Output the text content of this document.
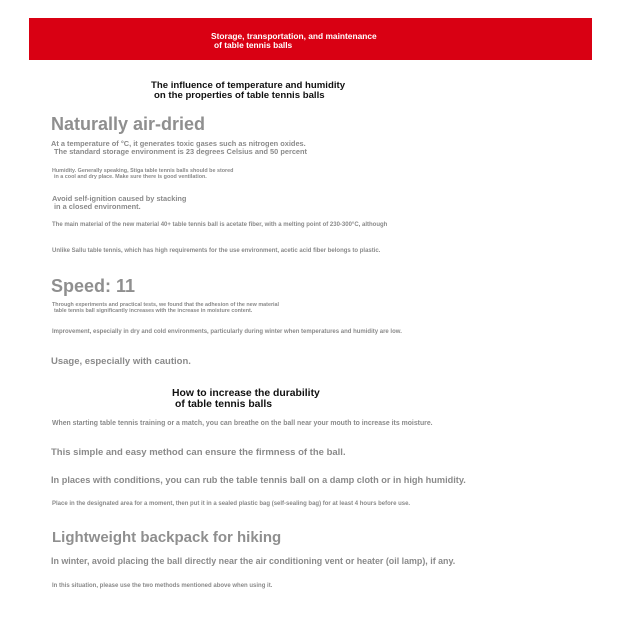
Storage, transportation, and maintenance
of table tennis balls
The influence of temperature and humidity
on the properties of table tennis balls
Naturally air-dried
At a temperature of °C, it generates toxic gases such as nitrogen oxides.
The standard storage environment is 23 degrees Celsius and 50 percent
Humidity. Generally speaking, Stiga table tennis balls should be stored
in a cool and dry place. Make sure there is good ventilation.
Avoid self-ignition caused by stacking
in a closed environment.
The main material of the new material 40+ table tennis ball is acetate fiber, with a melting point of 230-300°C, although
Unlike Sallu table tennis, which has high requirements for the use environment, acetic acid fiber belongs to plastic.
Speed: 11
Through experiments and practical tests, we found that the adhesion of the new material
table tennis ball significantly increases with the increase in moisture content.
Improvement, especially in dry and cold environments, particularly during winter when temperatures and humidity are low.
Usage, especially with caution.
How to increase the durability
of table tennis balls
When starting table tennis training or a match, you can breathe on the ball near your mouth to increase its moisture.
This simple and easy method can ensure the firmness of the ball.
In places with conditions, you can rub the table tennis ball on a damp cloth or in high humidity.
Place in the designated area for a moment, then put it in a sealed plastic bag (self-sealing bag) for at least 4 hours before use.
Lightweight backpack for hiking
In winter, avoid placing the ball directly near the air conditioning vent or heater (oil lamp), if any.
In this situation, please use the two methods mentioned above when using it.
